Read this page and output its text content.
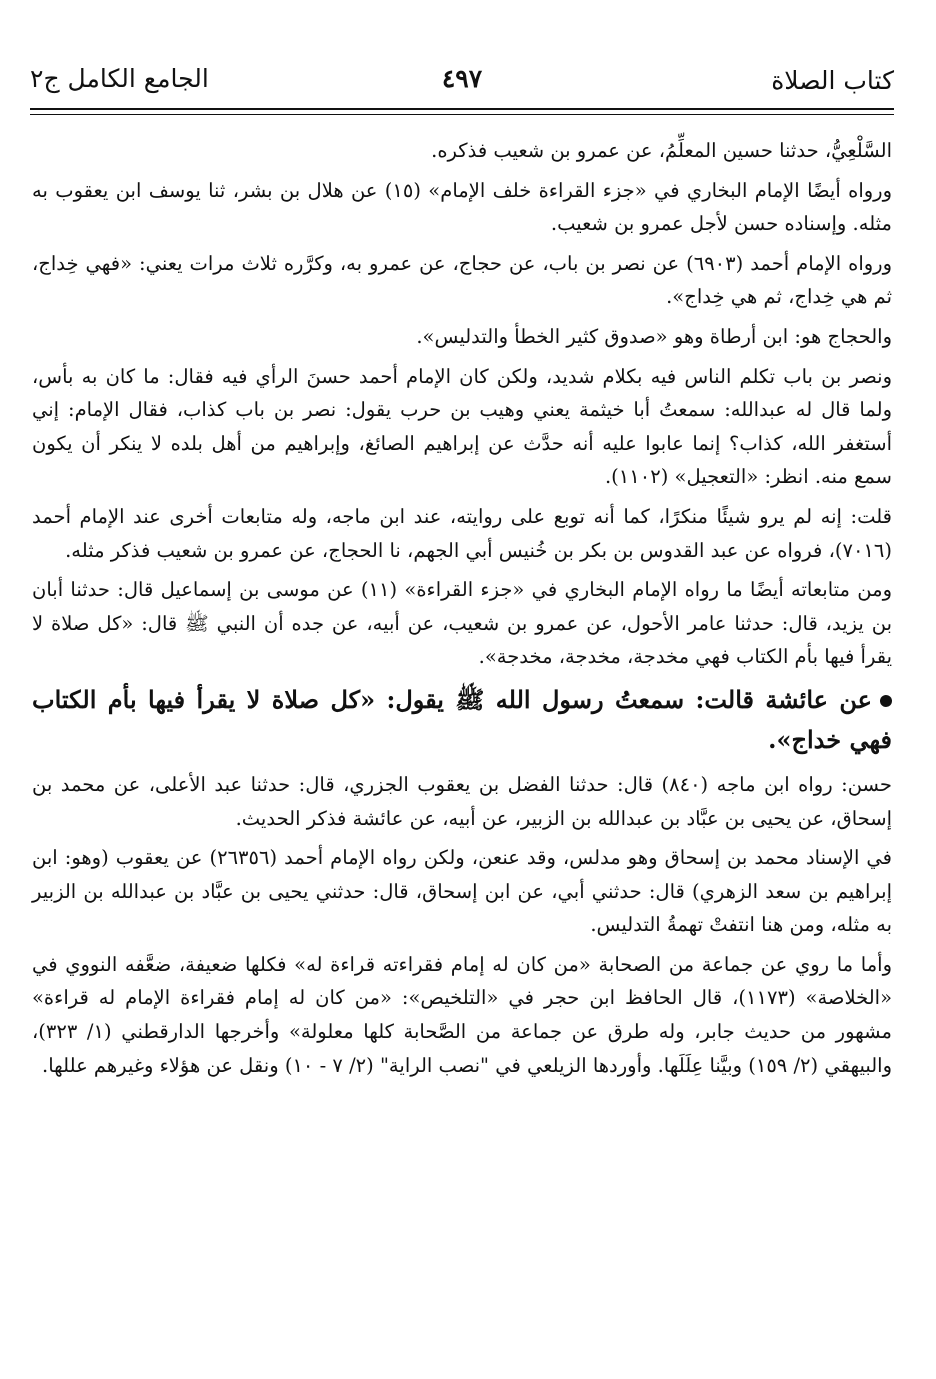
كتاب الصلاة
٤٩٧
الجامع الكامل ج٢

السَّلْعِيُّ، حدثنا حسين المعلِّمُ، عن عمرو بن شعيب فذكره.

ورواه أيضًا الإمام البخاري في «جزء القراءة خلف الإمام» (١٥) عن هلال بن بشر، ثنا يوسف ابن يعقوب به مثله. وإسناده حسن لأجل عمرو بن شعيب.

ورواه الإمام أحمد (٦٩٠٣) عن نصر بن باب، عن حجاج، عن عمرو به، وكرَّره ثلاث مرات يعني: «فهي خِداج، ثم هي خِداج، ثم هي خِداج».

والحجاج هو: ابن أرطاة وهو «صدوق كثير الخطأ والتدليس».

ونصر بن باب تكلم الناس فيه بكلام شديد، ولكن كان الإمام أحمد حسنَ الرأي فيه فقال: ما كان به بأس، ولما قال له عبدالله: سمعتُ أبا خيثمة يعني وهيب بن حرب يقول: نصر بن باب كذاب، فقال الإمام: إني أستغفر الله، كذاب؟ إنما عابوا عليه أنه حدَّث عن إبراهيم الصائغ، وإبراهيم من أهل بلده لا ينكر أن يكون سمع منه. انظر: «التعجيل» (١١٠٢).

قلت: إنه لم يرو شيئًا منكرًا، كما أنه توبع على روايته، عند ابن ماجه، وله متابعات أخرى عند الإمام أحمد (٧٠١٦)، فرواه عن عبد القدوس بن بكر بن خُنيس أبي الجهم، نا الحجاج، عن عمرو بن شعيب فذكر مثله.

ومن متابعاته أيضًا ما رواه الإمام البخاري في «جزء القراءة» (١١) عن موسى بن إسماعيل قال: حدثنا أبان بن يزيد، قال: حدثنا عامر الأحول، عن عمرو بن شعيب، عن أبيه، عن جده أن النبي ﷺ قال: «كل صلاة لا يقرأ فيها بأم الكتاب فهي مخدجة، مخدجة، مخدجة».

عن عائشة قالت: سمعتُ رسول الله ﷺ يقول: «كل صلاة لا يقرأ فيها بأم الكتاب فهي خداج».

حسن: رواه ابن ماجه (٨٤٠) قال: حدثنا الفضل بن يعقوب الجزري، قال: حدثنا عبد الأعلى، عن محمد بن إسحاق، عن يحيى بن عبَّاد بن عبدالله بن الزبير، عن أبيه، عن عائشة فذكر الحديث.

في الإسناد محمد بن إسحاق وهو مدلس، وقد عنعن، ولكن رواه الإمام أحمد (٢٦٣٥٦) عن يعقوب (وهو: ابن إبراهيم بن سعد الزهري) قال: حدثني أبي، عن ابن إسحاق، قال: حدثني يحيى بن عبَّاد بن عبدالله بن الزبير به مثله، ومن هنا انتفتْ تهمةُ التدليس.

وأما ما روي عن جماعة من الصحابة «من كان له إمام فقراءته قراءة له» فكلها ضعيفة، ضعَّفه النووي في «الخلاصة» (١١٧٣)، قال الحافظ ابن حجر في «التلخيص»: «من كان له إمام فقراءة الإمام له قراءة» مشهور من حديث جابر، وله طرق عن جماعة من الصَّحابة كلها معلولة» وأخرجها الدارقطني (١/ ٣٢٣)، والبيهقي (٢/ ١٥٩) وبيَّنا عِلَلَها. وأوردها الزيلعي في "نصب الراية" (٢/ ٧ - ١٠) ونقل عن هؤلاء وغيرهم عللها.
